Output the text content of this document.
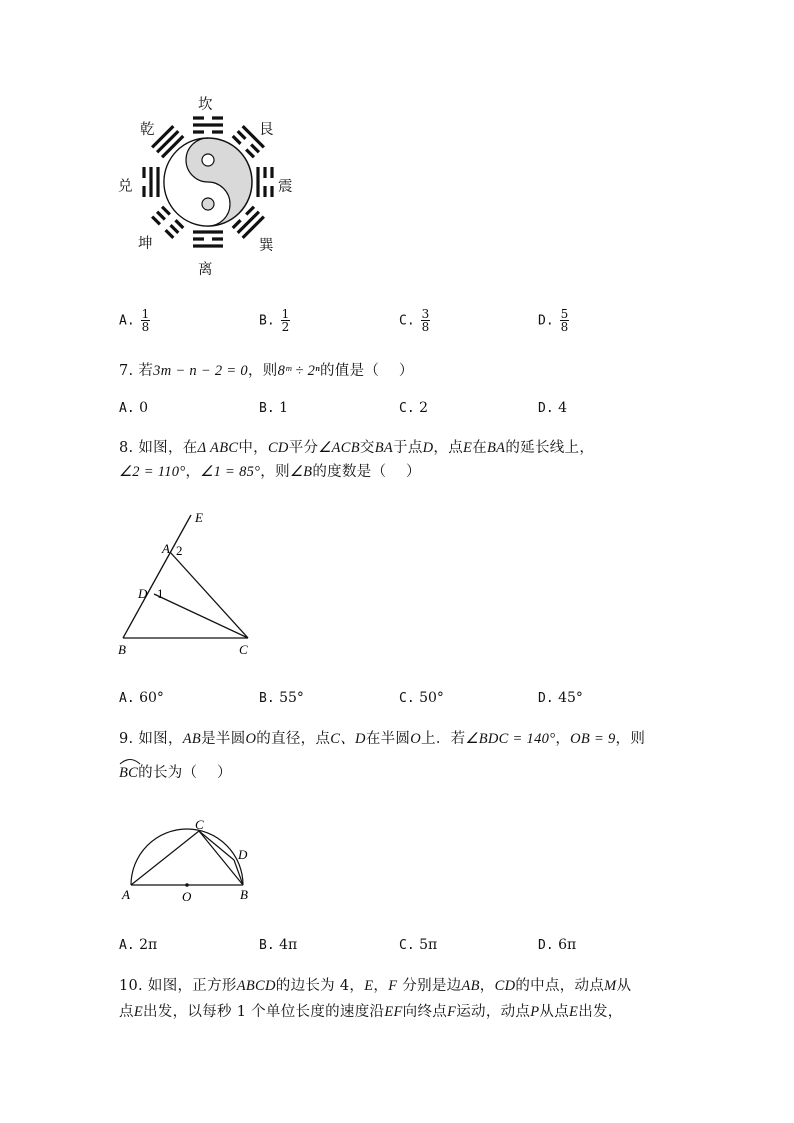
坎
艮
震
巽
离
坤
兑
乾
A. $\frac{1}{8}$	B. $\frac{1}{2}$	C. $\frac{3}{8}$	D. $\frac{5}{8}$
7. 若3m − n − 2 = 0，则8ᵐ ÷ 2ⁿ的值是（　 ）
A. 0	B. 1	C. 2	D. 4
8. 如图，在Δ ABC中，CD平分∠ACB交BA于点D，点E在BA的延长线上，
∠2 = 110°，∠1 = 85°，则∠B的度数是（　 ）
E
A 2
D 1
B	C
A. 60°	B. 55°	C. 50°	D. 45°
9. 如图，AB是半圆O的直径，点C、D在半圆O上．若∠BDC = 140°，OB = 9，则
BC的长为（　 ）
C
D
A	O	B
A. 2π	B. 4π	C. 5π	D. 6π
10. 如图，正方形ABCD的边长为 4，E，F 分别是边AB，CD的中点，动点M从
点E出发，以每秒 1 个单位长度的速度沿EF向终点F运动，动点P从点E出发，
